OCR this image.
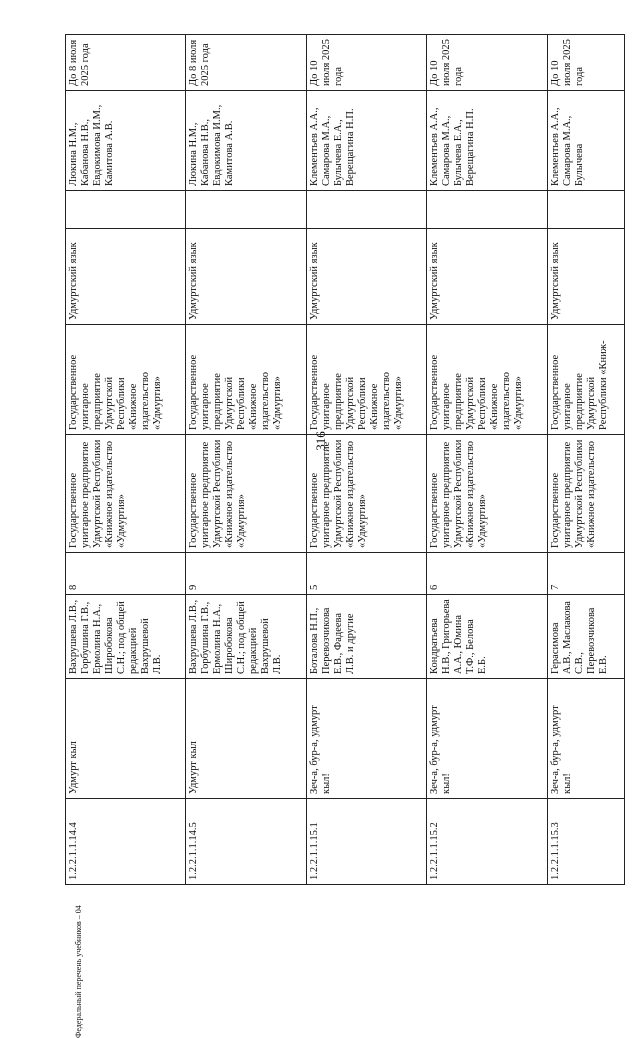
316
1.2.2.1.1.14.4	Удмурт кыл	Вахрушева Л.В., Горбушина Г.В., Ермолина Н.А., Широбокова С.Н.; под общей редакцией Вахрушевой Л.В.	8	Государственное унитарное предприятие Удмуртской Республики «Книжное издательство «Удмуртия»	Государственное унитарное предприятие Удмуртской Республики «Книжное издательство «Удмуртия»	Удмуртский язык		Люкина Н.М., Кабанова Н.В., Евдокимова И.М., Камитова А.В.	До 8 июля 2025 года
1.2.2.1.1.14.5	Удмурт кыл	Вахрушева Л.В., Горбушина Г.В., Ермолина Н.А., Широбокова С.Н.; под общей редакцией Вахрушевой Л.В.	9	Государственное унитарное предприятие Удмуртской Республики «Книжное издательство «Удмуртия»	Государственное унитарное предприятие Удмуртской Республики «Книжное издательство «Удмуртия»	Удмуртский язык		Люкина Н.М., Кабанова Н.В., Евдокимова И.М., Камитова А.В.	До 8 июля 2025 года
1.2.2.1.1.15.1	Зеч-а, бур-а, удмурт кыл!	Боталова Н.П., Перевозчикова Е.В., Фадеева Л.В. и другие	5	Государственное унитарное предприятие Удмуртской Республики «Книжное издательство «Удмуртия»	Государственное унитарное предприятие Удмуртской Республики «Книжное издательство «Удмуртия»	Удмуртский язык		Клементьев А.А., Самарова М.А., Булычева Е.А., Верещагина Н.П.	До 10 июля 2025 года
1.2.2.1.1.15.2	Зеч-а, бур-а, удмурт кыл!	Кондратьева Н.В., Григорьева А.А., Юмина Т.Ф., Белова Е.Б.	6	Государственное унитарное предприятие Удмуртской Республики «Книжное издательство «Удмуртия»	Государственное унитарное предприятие Удмуртской Республики «Книжное издательство «Удмуртия»	Удмуртский язык		Клементьев А.А., Самарова М.А., Булычева Е.А., Верещагина Н.П.	До 10 июля 2025 года
1.2.2.1.1.15.3	Зеч-а, бур-а, удмурт кыл!	Герасимова А.В., Маслакова С.В., Перевозчикова Е.В.	7	Государственное унитарное предприятие Удмуртской Республики «Книжное издательство	Государственное унитарное предприятие Удмуртской Республики «Книж-	Удмуртский язык		Клементьев А.А., Самарова М.А., Булычева	До 10 июля 2025 года
Федеральный перечень учебников – 04
